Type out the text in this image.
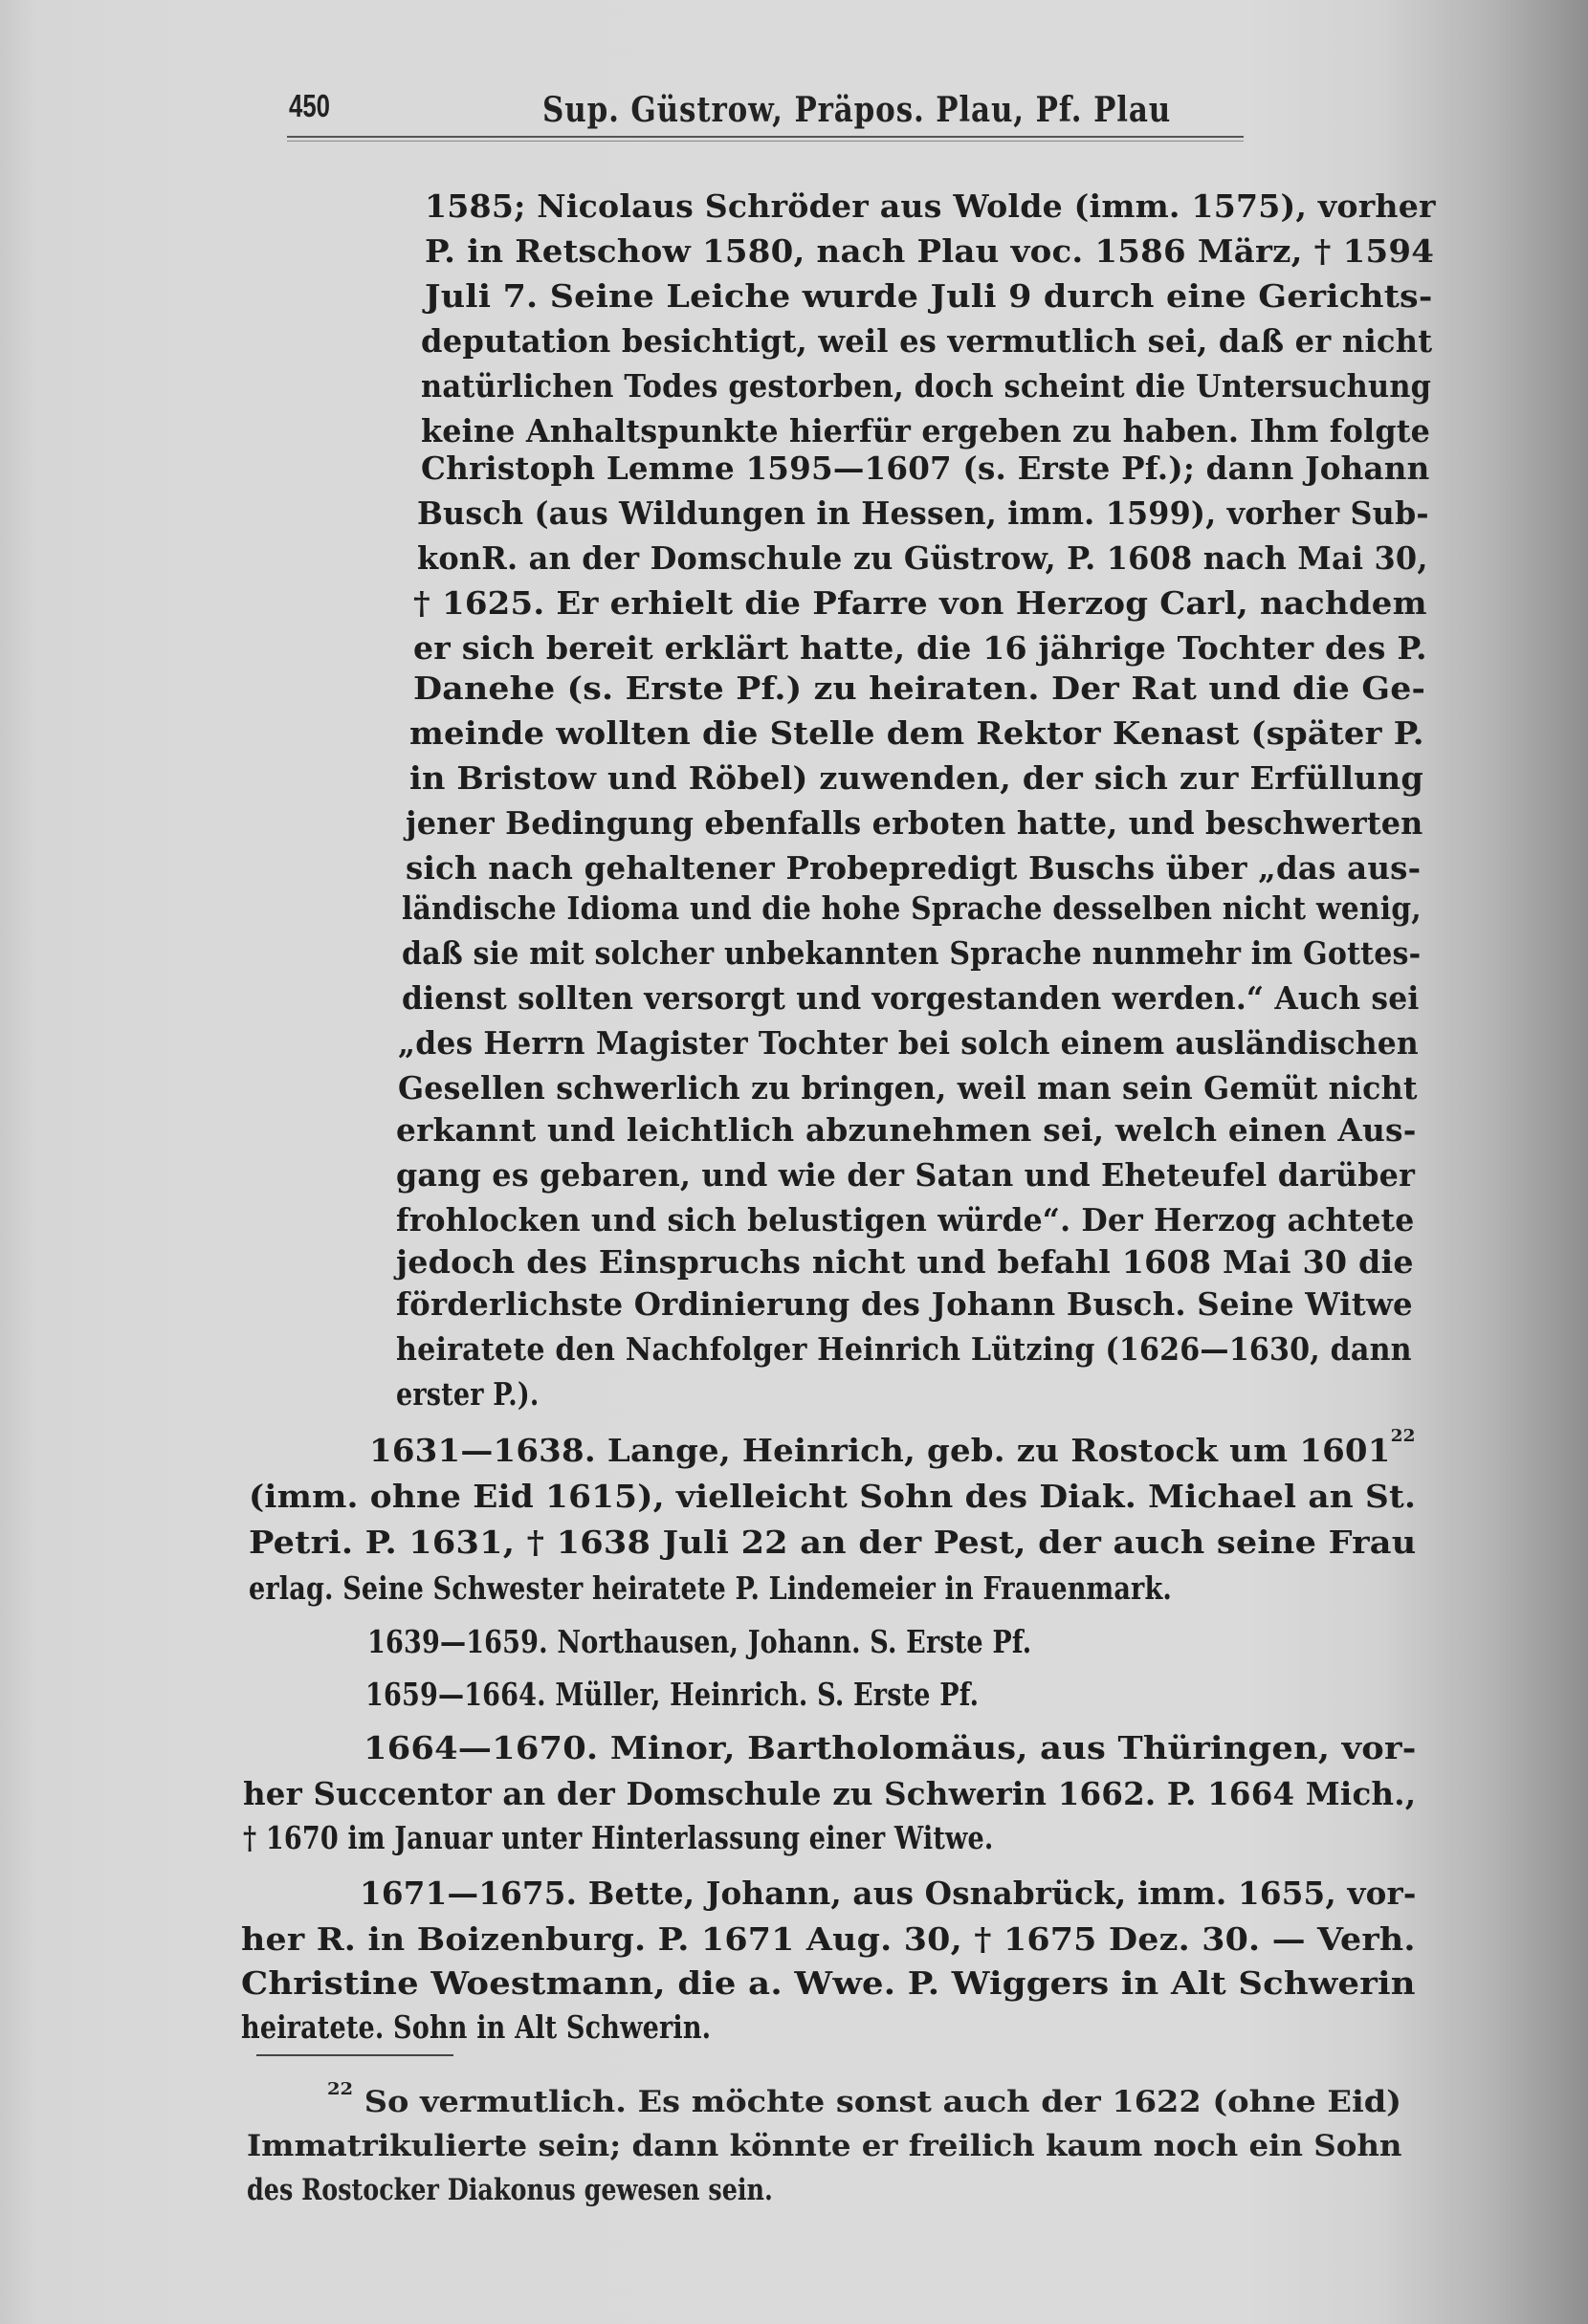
450	Sup. Güstrow, Präpos. Plau, Pf. Plau
1585; Nicolaus Schröder aus Wolde (imm. 1575), vorher
P. in Retschow 1580, nach Plau voc. 1586 März, † 1594
Juli 7. Seine Leiche wurde Juli 9 durch eine Gerichts-
deputation besichtigt, weil es vermutlich sei, daß er nicht
natürlichen Todes gestorben, doch scheint die Untersuchung
keine Anhaltspunkte hierfür ergeben zu haben. Ihm folgte
Christoph Lemme 1595—1607 (s. Erste Pf.); dann Johann
Busch (aus Wildungen in Hessen, imm. 1599), vorher Sub-
konR. an der Domschule zu Güstrow, P. 1608 nach Mai 30,
† 1625. Er erhielt die Pfarre von Herzog Carl, nachdem
er sich bereit erklärt hatte, die 16 jährige Tochter des P.
Danehe (s. Erste Pf.) zu heiraten. Der Rat und die Ge-
meinde wollten die Stelle dem Rektor Kenast (später P.
in Bristow und Röbel) zuwenden, der sich zur Erfüllung
jener Bedingung ebenfalls erboten hatte, und beschwerten
sich nach gehaltener Probepredigt Buschs über „das aus-
ländische Idioma und die hohe Sprache desselben nicht wenig,
daß sie mit solcher unbekannten Sprache nunmehr im Gottes-
dienst sollten versorgt und vorgestanden werden.“ Auch sei
„des Herrn Magister Tochter bei solch einem ausländischen
Gesellen schwerlich zu bringen, weil man sein Gemüt nicht
erkannt und leichtlich abzunehmen sei, welch einen Aus-
gang es gebaren, und wie der Satan und Eheteufel darüber
frohlocken und sich belustigen würde“. Der Herzog achtete
jedoch des Einspruchs nicht und befahl 1608 Mai 30 die
förderlichste Ordinierung des Johann Busch. Seine Witwe
heiratete den Nachfolger Heinrich Lützing (1626—1630, dann
erster P.).
1631—1638. Lange, Heinrich, geb. zu Rostock um 1601$^{22}$
(imm. ohne Eid 1615), vielleicht Sohn des Diak. Michael an St.
Petri. P. 1631, † 1638 Juli 22 an der Pest, der auch seine Frau
erlag. Seine Schwester heiratete P. Lindemeier in Frauenmark.
1639—1659. Northausen, Johann. S. Erste Pf.
1659—1664. Müller, Heinrich. S. Erste Pf.
1664—1670. Minor, Bartholomäus, aus Thüringen, vor-
her Succentor an der Domschule zu Schwerin 1662. P. 1664 Mich.,
† 1670 im Januar unter Hinterlassung einer Witwe.
1671—1675. Bette, Johann, aus Osnabrück, imm. 1655, vor-
her R. in Boizenburg. P. 1671 Aug. 30, † 1675 Dez. 30. — Verh.
Christine Woestmann, die a. Wwe. P. Wiggers in Alt Schwerin
heiratete. Sohn in Alt Schwerin.
$^{22}$ So vermutlich. Es möchte sonst auch der 1622 (ohne Eid)
Immatrikulierte sein; dann könnte er freilich kaum noch ein Sohn
des Rostocker Diakonus gewesen sein.
